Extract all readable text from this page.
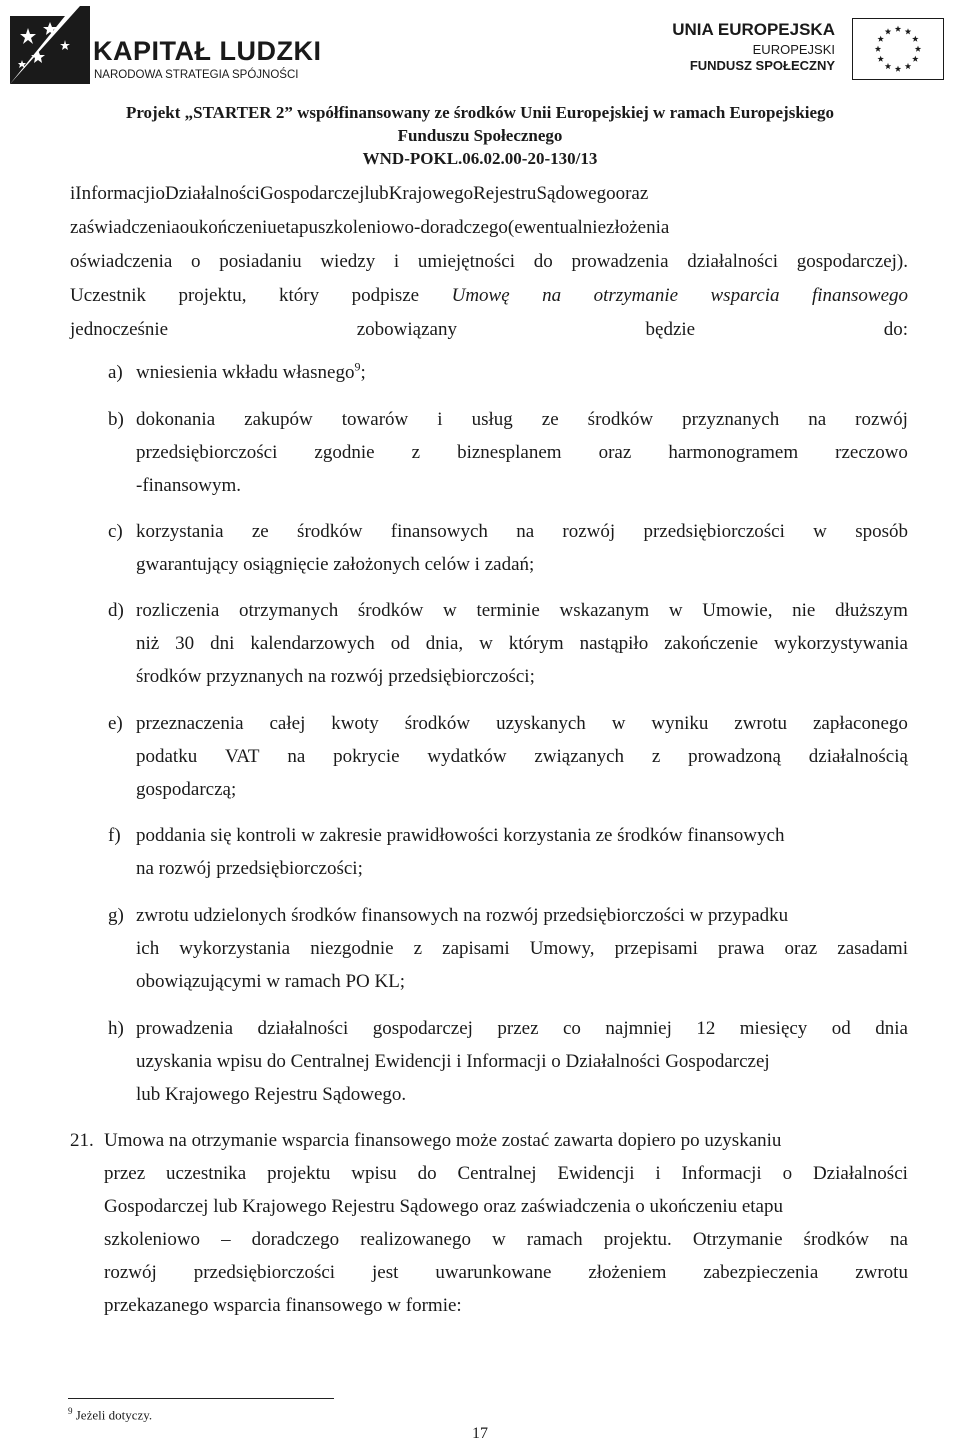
KAPITAŁ LUDZKI
NARODOWA STRATEGIA SPÓJNOŚCI
UNIA EUROPEJSKA
EUROPEJSKI
FUNDUSZ SPOŁECZNY
Projekt „STARTER 2” współfinansowany ze środków Unii Europejskiej w ramach Europejskiego
Funduszu Społecznego
WND-POKL.06.02.00-20-130/13
iInformacjioDziałalnościGospodarczejlubKrajowegoRejestruSądowegooraz
zaświadczeniaoukończeniuetapuszkoleniowo-doradczego(ewentualniezłożenia
oświadczenia o posiadaniu wiedzy i umiejętności do prowadzenia działalności gospodarczej).
Uczestnik projektu, który podpisze Umowę na otrzymanie wsparcia finansowego
jednocześnie zobowiązany będzie do:
a) wniesienia wkładu własnego$^9$;
b) dokonania zakupów towarów i usług ze środków przyznanych na rozwój
przedsiębiorczości zgodnie z biznesplanem oraz harmonogramem rzeczowo
-finansowym.
c) korzystania ze środków finansowych na rozwój przedsiębiorczości w sposób
gwarantujący osiągnięcie założonych celów i zadań;
d) rozliczenia otrzymanych środków w terminie wskazanym w Umowie, nie dłuższym
niż 30 dni kalendarzowych od dnia, w którym nastąpiło zakończenie wykorzystywania
środków przyznanych na rozwój przedsiębiorczości;
e) przeznaczenia całej kwoty środków uzyskanych w wyniku zwrotu zapłaconego
podatku VAT na pokrycie wydatków związanych z prowadzoną działalnością
gospodarczą;
f) poddania się kontroli w zakresie prawidłowości korzystania ze środków finansowych
na rozwój przedsiębiorczości;
g) zwrotu udzielonych środków finansowych na rozwój przedsiębiorczości w przypadku
ich wykorzystania niezgodnie z zapisami Umowy, przepisami prawa oraz zasadami
obowiązującymi w ramach PO KL;
h) prowadzenia działalności gospodarczej przez co najmniej 12 miesięcy od dnia
uzyskania wpisu do Centralnej Ewidencji i Informacji o Działalności Gospodarczej
lub Krajowego Rejestru Sądowego.
21. Umowa na otrzymanie wsparcia finansowego może zostać zawarta dopiero po uzyskaniu
przez uczestnika projektu wpisu do Centralnej Ewidencji i Informacji o Działalności
Gospodarczej lub Krajowego Rejestru Sądowego oraz zaświadczenia o ukończeniu etapu
szkoleniowo – doradczego realizowanego w ramach projektu. Otrzymanie środków na
rozwój przedsiębiorczości jest uwarunkowane złożeniem zabezpieczenia zwrotu
przekazanego wsparcia finansowego w formie:
$^9$ Jeżeli dotyczy.
17
